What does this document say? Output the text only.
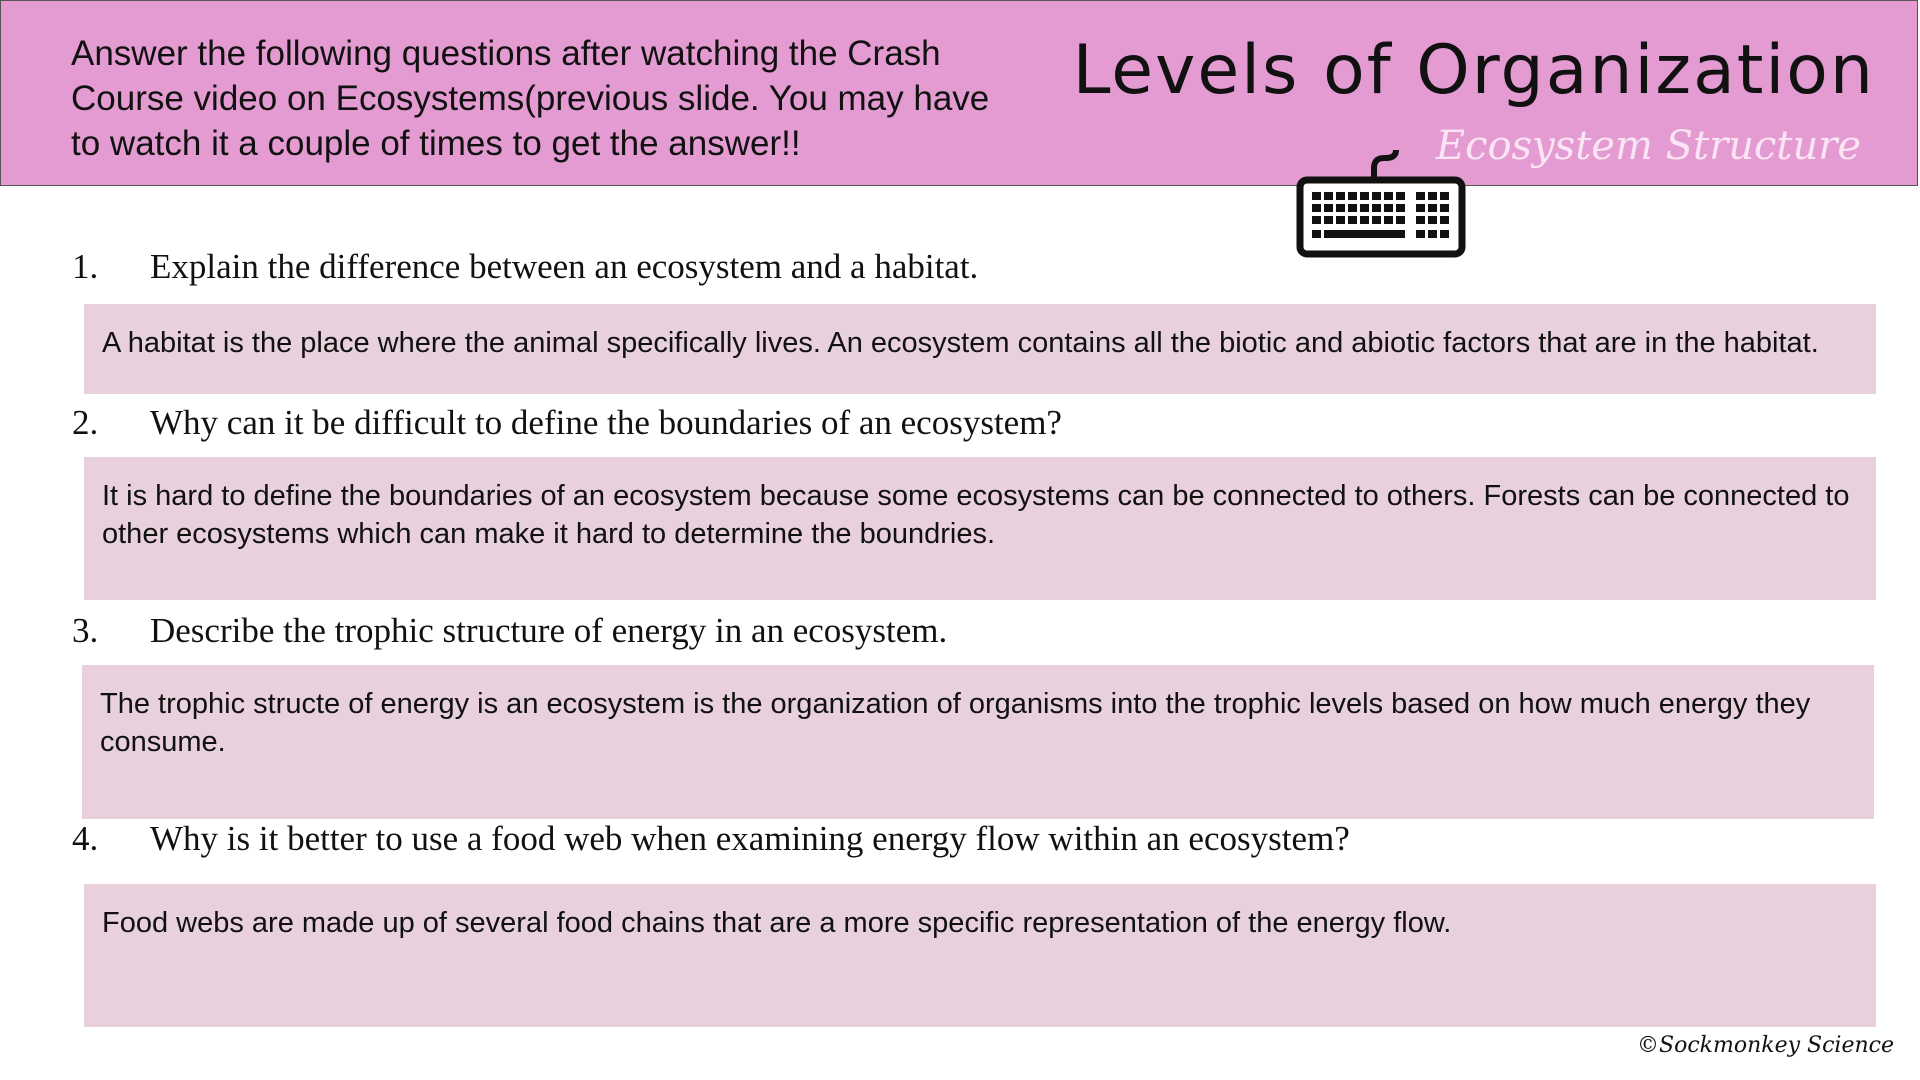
Answer the following questions after watching the Crash Course video on Ecosystems(previous slide. You may have to watch it a couple of times to get the answer!!

Levels of Organization
Ecosystem Structure

1. Explain the difference between an ecosystem and a habitat.

A habitat is the place where the animal specifically lives. An ecosystem contains all the biotic and abiotic factors that are in the habitat.

2. Why can it be difficult to define the boundaries of an ecosystem?

It is hard to define the boundaries of an ecosystem because some ecosystems can be connected to others. Forests can be connected to other ecosystems which can make it hard to determine the boundries.

3. Describe the trophic structure of energy in an ecosystem.

The trophic structe of energy is an ecosystem is the organization of organisms into the trophic levels based on how much energy they consume.

4. Why is it better to use a food web when examining energy flow within an ecosystem?

Food webs are made up of several food chains that are a more specific representation of the energy flow.
©Sockmonkey Science
